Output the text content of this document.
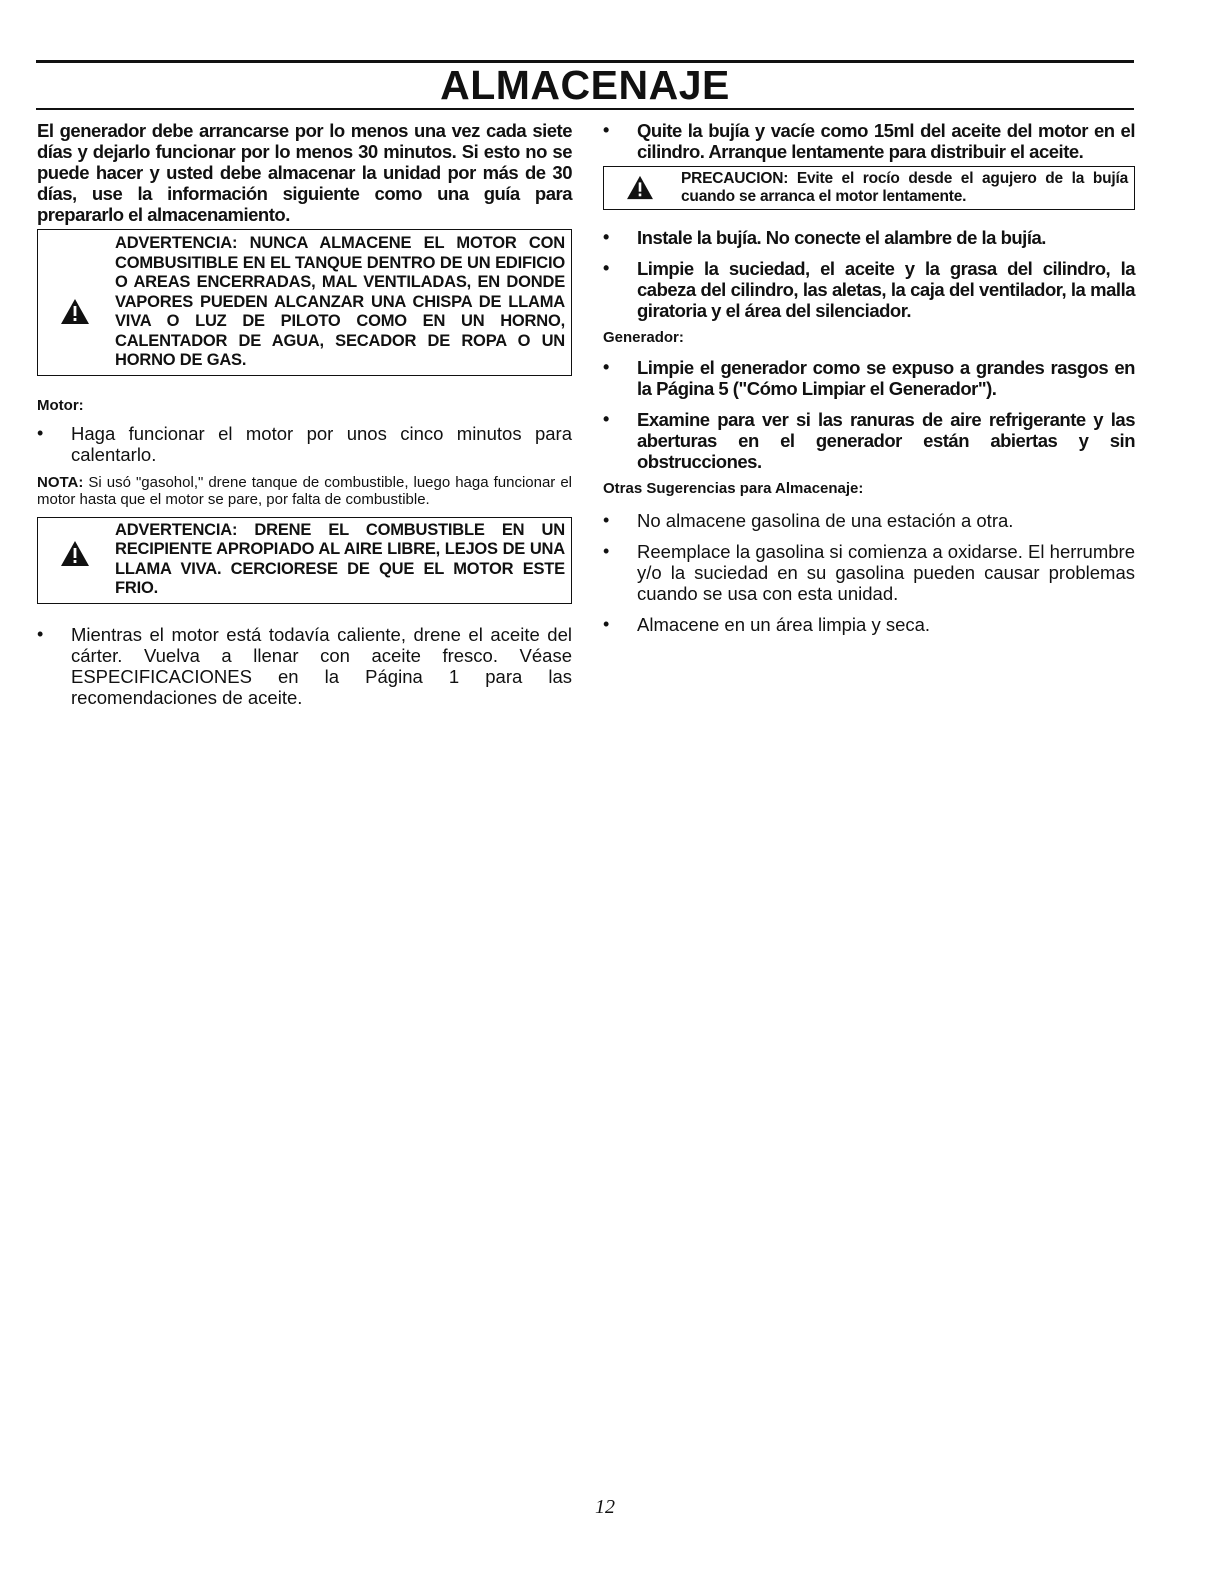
ALMACENAJE

El generador debe arrancarse por lo menos una vez cada siete días y dejarlo funcionar por lo menos 30 minutos. Si esto no se puede hacer y usted debe almacenar la unidad por más de 30 días, use la información siguiente como una guía para prepararlo el almacenamiento.

ADVERTENCIA: NUNCA ALMACENE EL MOTOR CON COMBUSITIBLE EN EL TANQUE DENTRO DE UN EDIFICIO O AREAS ENCERRADAS, MAL VENTILADAS, EN DONDE VAPORES PUEDEN ALCANZAR UNA CHISPA DE LLAMA VIVA O LUZ DE PILOTO COMO EN UN HORNO, CALENTADOR DE AGUA, SECADOR DE ROPA O UN HORNO DE GAS.

Motor:

•	Haga funcionar el motor por unos cinco minutos para calentarlo.

NOTA: Si usó "gasohol," drene tanque de combustible, luego haga funcionar el motor hasta que el motor se pare, por falta de combustible.

ADVERTENCIA: DRENE EL COMBUSTIBLE EN UN RECIPIENTE APROPIADO AL AIRE LIBRE, LEJOS DE UNA LLAMA VIVA. CERCIORESE DE QUE EL MOTOR ESTE FRIO.
•	Mientras el motor está todavía caliente, drene el aceite del cárter. Vuelva a llenar con aceite fresco. Véase ESPECIFICACIONES en la Página 1 para las recomendaciones de aceite.
•	Quite la bujía y vacíe como 15ml del aceite del motor en el cilindro. Arranque lentamente para distribuir el aceite.
PRECAUCION: Evite el rocío desde el agujero de la bujía cuando se arranca el motor lentamente.
•	Instale la bujía. No conecte el alambre de la bujía.
•	Limpie la suciedad, el aceite y la grasa del cilindro, la cabeza del cilindro, las aletas, la caja del ventilador, la malla giratoria y el área del silenciador.

Generador:

•	Limpie el generador como se expuso a grandes rasgos en la Página 5 ("Cómo Limpiar el Generador").
•	Examine para ver si las ranuras de aire refrigerante y las aberturas en el generador están abiertas y sin obstrucciones.

Otras Sugerencias para Almacenaje:

•	No almacene gasolina de una estación a otra.
•	Reemplace la gasolina si comienza a oxidarse. El herrumbre y/o la suciedad en su gasolina pueden causar problemas cuando se usa con esta unidad.
•	Almacene en un área limpia y seca.
12
